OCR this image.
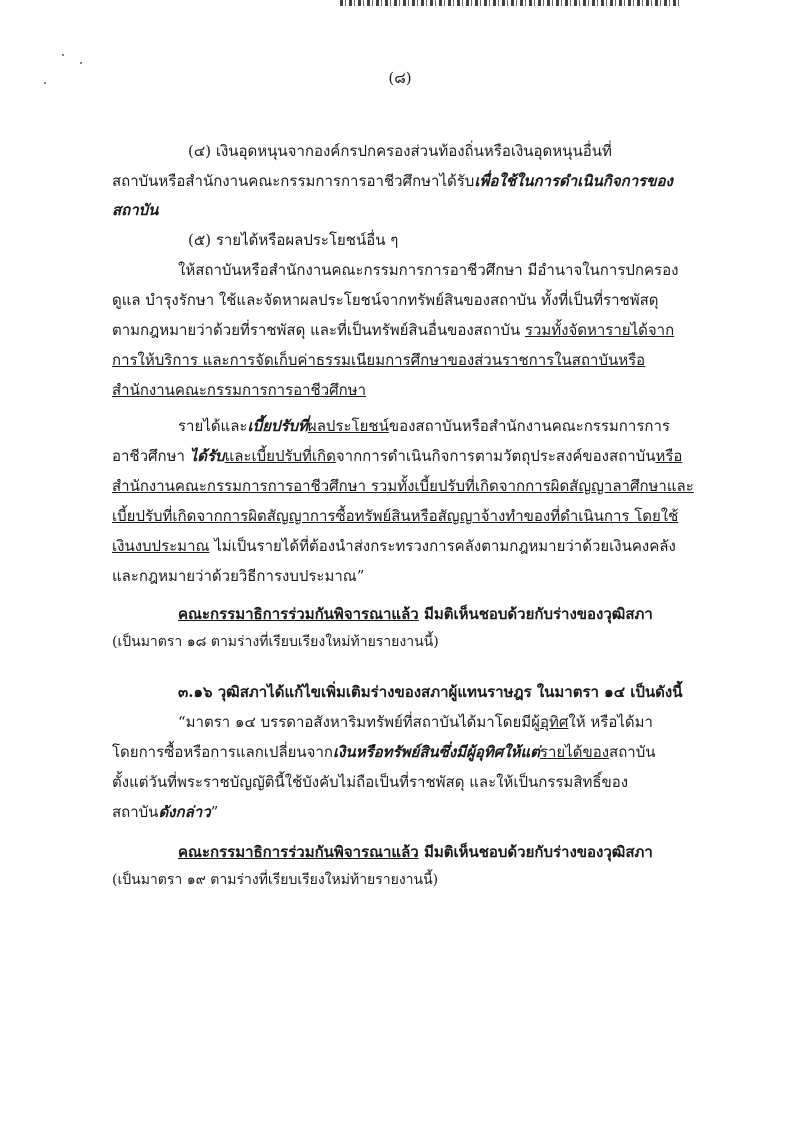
(๘)
(๔) เงินอุดหนุนจากองค์กรปกครองส่วนท้องถิ่นหรือเงินอุดหนุนอื่นที่
สถาบันหรือสำนักงานคณะกรรมการการอาชีวศึกษาได้รับเพื่อใช้ในการดำเนินกิจการของ
สถาบัน
(๕) รายได้หรือผลประโยชน์อื่น ๆ
ให้สถาบันหรือสำนักงานคณะกรรมการการอาชีวศึกษา มีอำนาจในการปกครอง
ดูแล บำรุงรักษา ใช้และจัดหาผลประโยชน์จากทรัพย์สินของสถาบัน ทั้งที่เป็นที่ราชพัสดุ
ตามกฎหมายว่าด้วยที่ราชพัสดุ และที่เป็นทรัพย์สินอื่นของสถาบัน รวมทั้งจัดหารายได้จาก
การให้บริการ และการจัดเก็บค่าธรรมเนียมการศึกษาของส่วนราชการในสถาบันหรือ
สำนักงานคณะกรรมการการอาชีวศึกษา
รายได้และเบี้ยปรับที่ผลประโยชน์ของสถาบันหรือสำนักงานคณะกรรมการการ
อาชีวศึกษา ได้รับและเบี้ยปรับที่เกิดจากการดำเนินกิจการตามวัตถุประสงค์ของสถาบันหรือ
สำนักงานคณะกรรมการการอาชีวศึกษา รวมทั้งเบี้ยปรับที่เกิดจากการผิดสัญญาลาศึกษาและ
เบี้ยปรับที่เกิดจากการผิดสัญญาการซื้อทรัพย์สินหรือสัญญาจ้างทำของที่ดำเนินการ โดยใช้
เงินงบประมาณ ไม่เป็นรายได้ที่ต้องนำส่งกระทรวงการคลังตามกฎหมายว่าด้วยเงินคงคลัง
และกฎหมายว่าด้วยวิธีการงบประมาณ”
คณะกรรมาธิการร่วมกันพิจารณาแล้ว มีมติเห็นชอบด้วยกับร่างของวุฒิสภา
(เป็นมาตรา ๑๘ ตามร่างที่เรียบเรียงใหม่ท้ายรายงานนี้)
๓.๑๖ วุฒิสภาได้แก้ไขเพิ่มเติมร่างของสภาผู้แทนราษฎร ในมาตรา ๑๔ เป็นดังนี้
“มาตรา ๑๔ บรรดาอสังหาริมทรัพย์ที่สถาบันได้มาโดยมีผู้อุทิศให้ หรือได้มา
โดยการซื้อหรือการแลกเปลี่ยนจากเงินหรือทรัพย์สินซึ่งมีผู้อุทิศให้แต่รายได้ของสถาบัน
ตั้งแต่วันที่พระราชบัญญัตินี้ใช้บังคับไม่ถือเป็นที่ราชพัสดุ และให้เป็นกรรมสิทธิ์ของ
สถาบันดังกล่าว”
คณะกรรมาธิการร่วมกันพิจารณาแล้ว มีมติเห็นชอบด้วยกับร่างของวุฒิสภา
(เป็นมาตรา ๑๙ ตามร่างที่เรียบเรียงใหม่ท้ายรายงานนี้)
